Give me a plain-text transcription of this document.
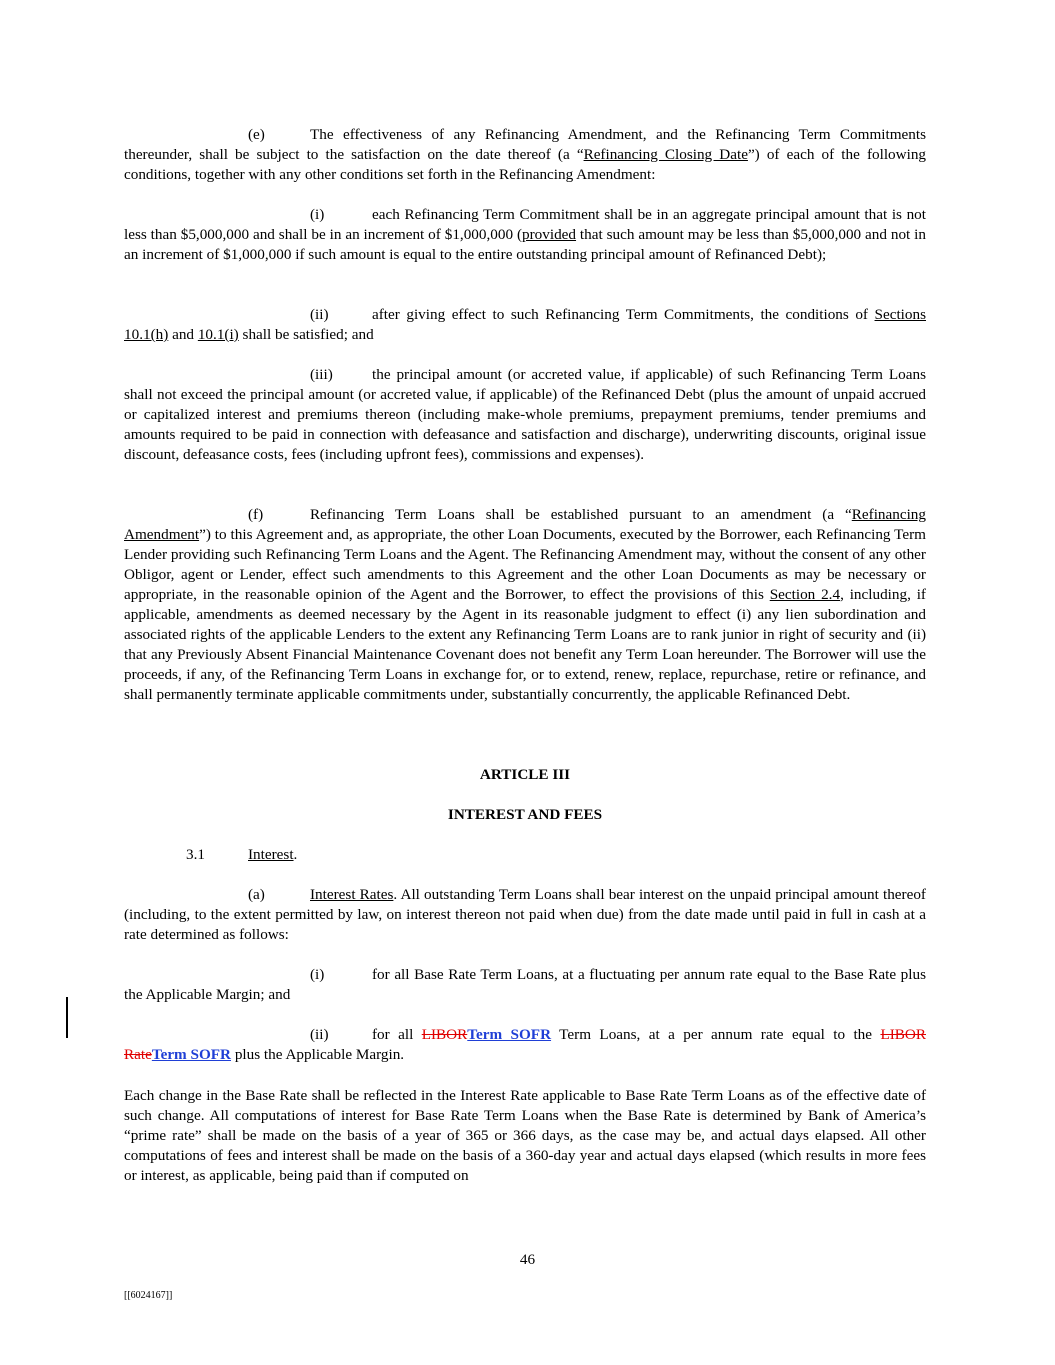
(e)	The effectiveness of any Refinancing Amendment, and the Refinancing Term Commitments thereunder, shall be subject to the satisfaction on the date thereof (a “Refinancing Closing Date”) of each of the following conditions, together with any other conditions set forth in the Refinancing Amendment:

(i)	each Refinancing Term Commitment shall be in an aggregate principal amount that is not less than $5,000,000 and shall be in an increment of $1,000,000 (provided that such amount may be less than $5,000,000 and not in an increment of $1,000,000 if such amount is equal to the entire outstanding principal amount of Refinanced Debt);

(ii)	after giving effect to such Refinancing Term Commitments, the conditions of Sections 10.1(h) and 10.1(i) shall be satisfied; and

(iii)	the principal amount (or accreted value, if applicable) of such Refinancing Term Loans shall not exceed the principal amount (or accreted value, if applicable) of the Refinanced Debt (plus the amount of unpaid accrued or capitalized interest and premiums thereon (including make-whole premiums, prepayment premiums, tender premiums and amounts required to be paid in connection with defeasance and satisfaction and discharge), underwriting discounts, original issue discount, defeasance costs, fees (including upfront fees), commissions and expenses).

(f)	Refinancing Term Loans shall be established pursuant to an amendment (a “Refinancing Amendment”) to this Agreement and, as appropriate, the other Loan Documents, executed by the Borrower, each Refinancing Term Lender providing such Refinancing Term Loans and the Agent. The Refinancing Amendment may, without the consent of any other Obligor, agent or Lender, effect such amendments to this Agreement and the other Loan Documents as may be necessary or appropriate, in the reasonable opinion of the Agent and the Borrower, to effect the provisions of this Section 2.4, including, if applicable, amendments as deemed necessary by the Agent in its reasonable judgment to effect (i) any lien subordination and associated rights of the applicable Lenders to the extent any Refinancing Term Loans are to rank junior in right of security and (ii) that any Previously Absent Financial Maintenance Covenant does not benefit any Term Loan hereunder. The Borrower will use the proceeds, if any, of the Refinancing Term Loans in exchange for, or to extend, renew, replace, repurchase, retire or refinance, and shall permanently terminate applicable commitments under, substantially concurrently, the applicable Refinanced Debt.

ARTICLE III
INTEREST AND FEES

3.1	Interest.

(a)	Interest Rates. All outstanding Term Loans shall bear interest on the unpaid principal amount thereof (including, to the extent permitted by law, on interest thereon not paid when due) from the date made until paid in full in cash at a rate determined as follows:

(i)	for all Base Rate Term Loans, at a fluctuating per annum rate equal to the Base Rate plus the Applicable Margin; and

(ii)	for all LIBORTerm SOFR Term Loans, at a per annum rate equal to the LIBOR RateTerm SOFR plus the Applicable Margin.

Each change in the Base Rate shall be reflected in the Interest Rate applicable to Base Rate Term Loans as of the effective date of such change. All computations of interest for Base Rate Term Loans when the Base Rate is determined by Bank of America’s “prime rate” shall be made on the basis of a year of 365 or 366 days, as the case may be, and actual days elapsed. All other computations of fees and interest shall be made on the basis of a 360-day year and actual days elapsed (which results in more fees or interest, as applicable, being paid than if computed on

46
[[6024167]]
